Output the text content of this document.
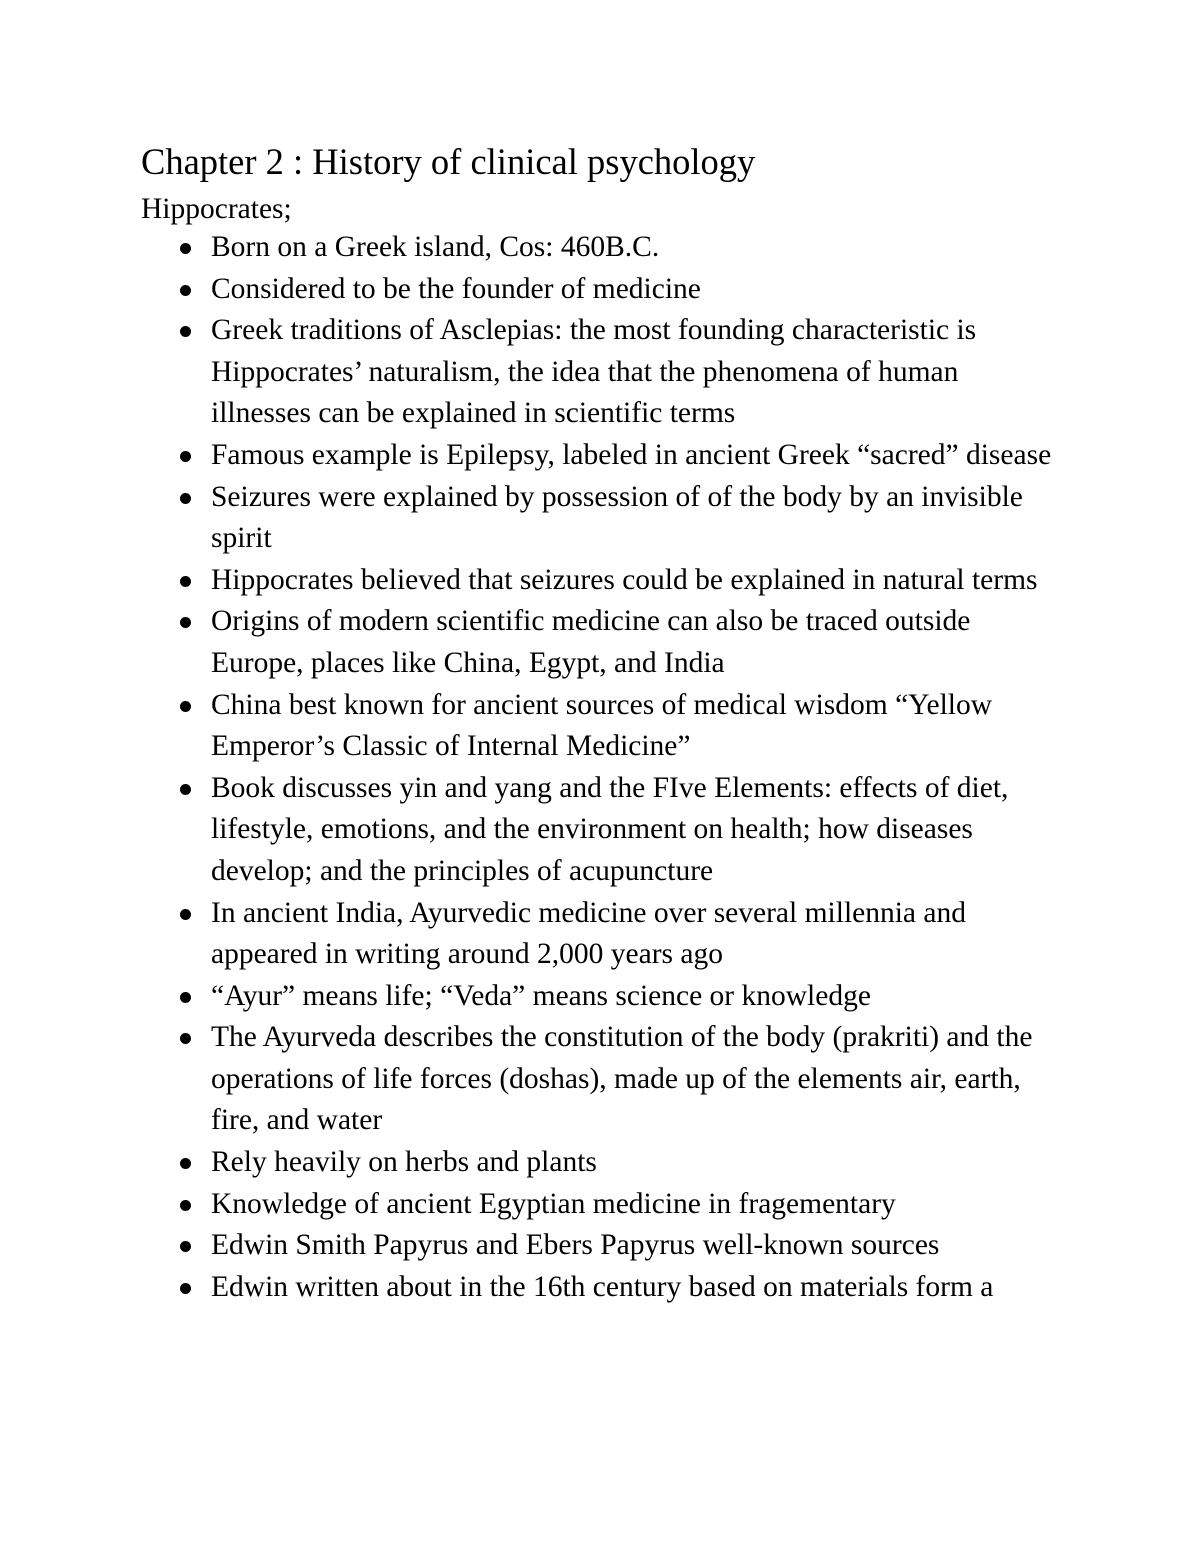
Chapter 2 : History of clinical psychology

Hippocrates;

Born on a Greek island, Cos: 460B.C.
Considered to be the founder of medicine
Greek traditions of Asclepias: the most founding characteristic is Hippocrates’ naturalism, the idea that the phenomena of human illnesses can be explained in scientific terms
Famous example is Epilepsy, labeled in ancient Greek “sacred” disease
Seizures were explained by possession of of the body by an invisible spirit
Hippocrates believed that seizures could be explained in natural terms
Origins of modern scientific medicine can also be traced outside Europe, places like China, Egypt, and India
China best known for ancient sources of medical wisdom “Yellow Emperor’s Classic of Internal Medicine”
Book discusses yin and yang and the FIve Elements: effects of diet, lifestyle, emotions, and the environment on health; how diseases develop; and the principles of acupuncture
In ancient India, Ayurvedic medicine over several millennia and appeared in writing around 2,000 years ago
“Ayur” means life; “Veda” means science or knowledge
The Ayurveda describes the constitution of the body (prakriti) and the operations of life forces (doshas), made up of the elements air, earth, fire, and water
Rely heavily on herbs and plants
Knowledge of ancient Egyptian medicine in fragementary
Edwin Smith Papyrus and Ebers Papyrus well-known sources
Edwin written about in the 16th century based on materials form a
